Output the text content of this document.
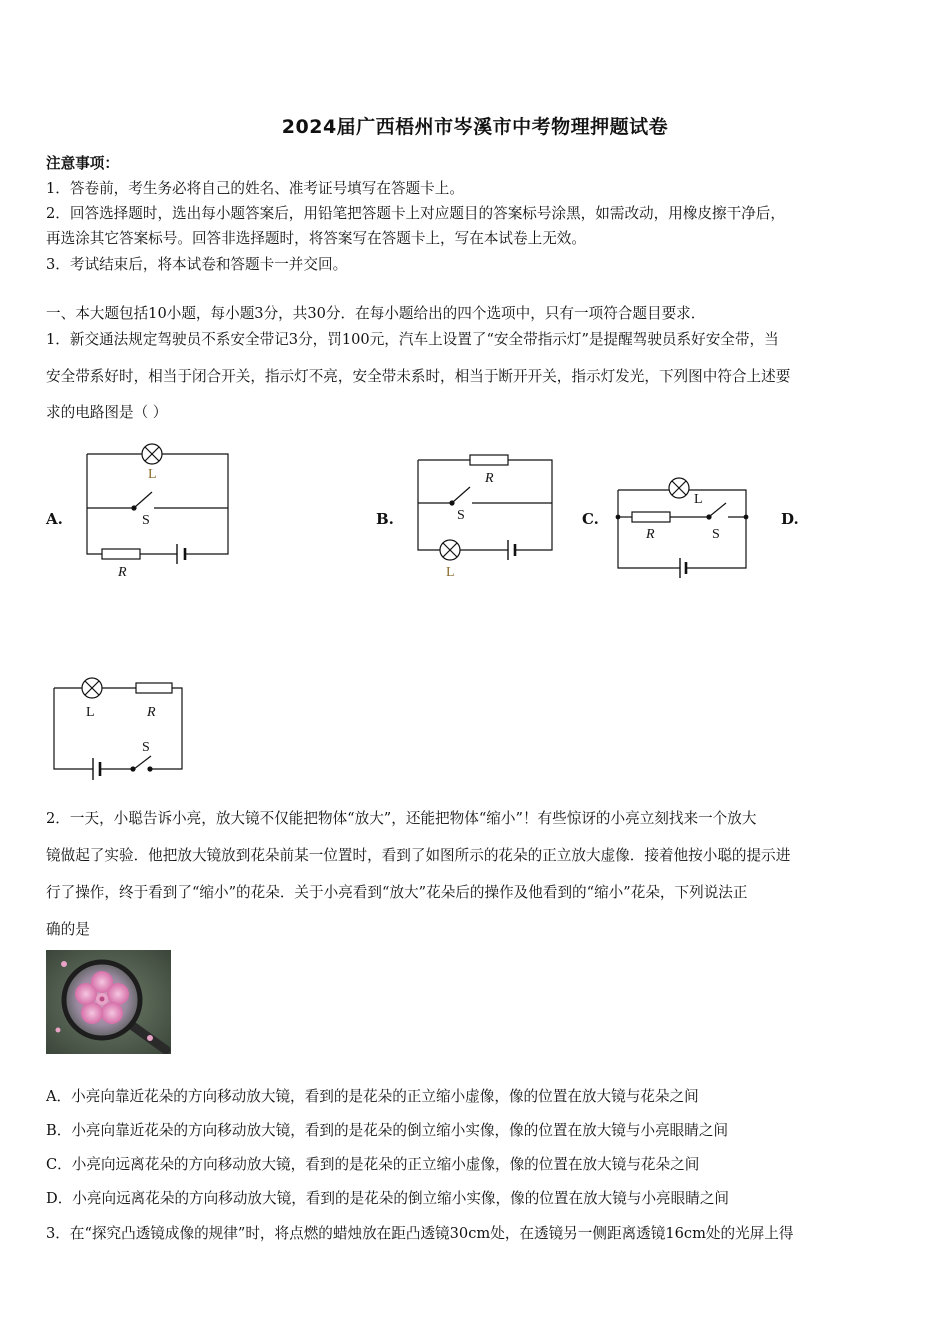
2024届广西梧州市岑溪市中考物理押题试卷
注意事项：
1．答卷前，考生务必将自己的姓名、准考证号填写在答题卡上。
2．回答选择题时，选出每小题答案后，用铅笔把答题卡上对应题目的答案标号涂黑，如需改动，用橡皮擦干净后，
再选涂其它答案标号。回答非选择题时，将答案写在答题卡上，写在本试卷上无效。
3．考试结束后，将本试卷和答题卡一并交回。
一、本大题包括10小题，每小题3分，共30分．在每小题给出的四个选项中，只有一项符合题目要求．
1．新交通法规定驾驶员不系安全带记3分，罚100元，汽车上设置了“安全带指示灯”是提醒驾驶员系好安全带，当
安全带系好时，相当于闭合开关，指示灯不亮，安全带未系时，相当于断开开关，指示灯发光，下列图中符合上述要
求的电路图是（ ）
A.	B.	C.	D.
L
S
R
R
S
L
L
R	S
L	R
S
2．一天，小聪告诉小亮，放大镜不仅能把物体“放大”，还能把物体“缩小”！有些惊讶的小亮立刻找来一个放大
镜做起了实验．他把放大镜放到花朵前某一位置时，看到了如图所示的花朵的正立放大虚像．接着他按小聪的提示进
行了操作，终于看到了“缩小”的花朵．关于小亮看到“放大”花朵后的操作及他看到的“缩小”花朵，下列说法正
确的是
A．小亮向靠近花朵的方向移动放大镜，看到的是花朵的正立缩小虚像，像的位置在放大镜与花朵之间
B．小亮向靠近花朵的方向移动放大镜，看到的是花朵的倒立缩小实像，像的位置在放大镜与小亮眼睛之间
C．小亮向远离花朵的方向移动放大镜，看到的是花朵的正立缩小虚像，像的位置在放大镜与花朵之间
D．小亮向远离花朵的方向移动放大镜，看到的是花朵的倒立缩小实像，像的位置在放大镜与小亮眼睛之间
3．在“探究凸透镜成像的规律”时，将点燃的蜡烛放在距凸透镜30cm处，在透镜另一侧距离透镜16cm处的光屏上得
